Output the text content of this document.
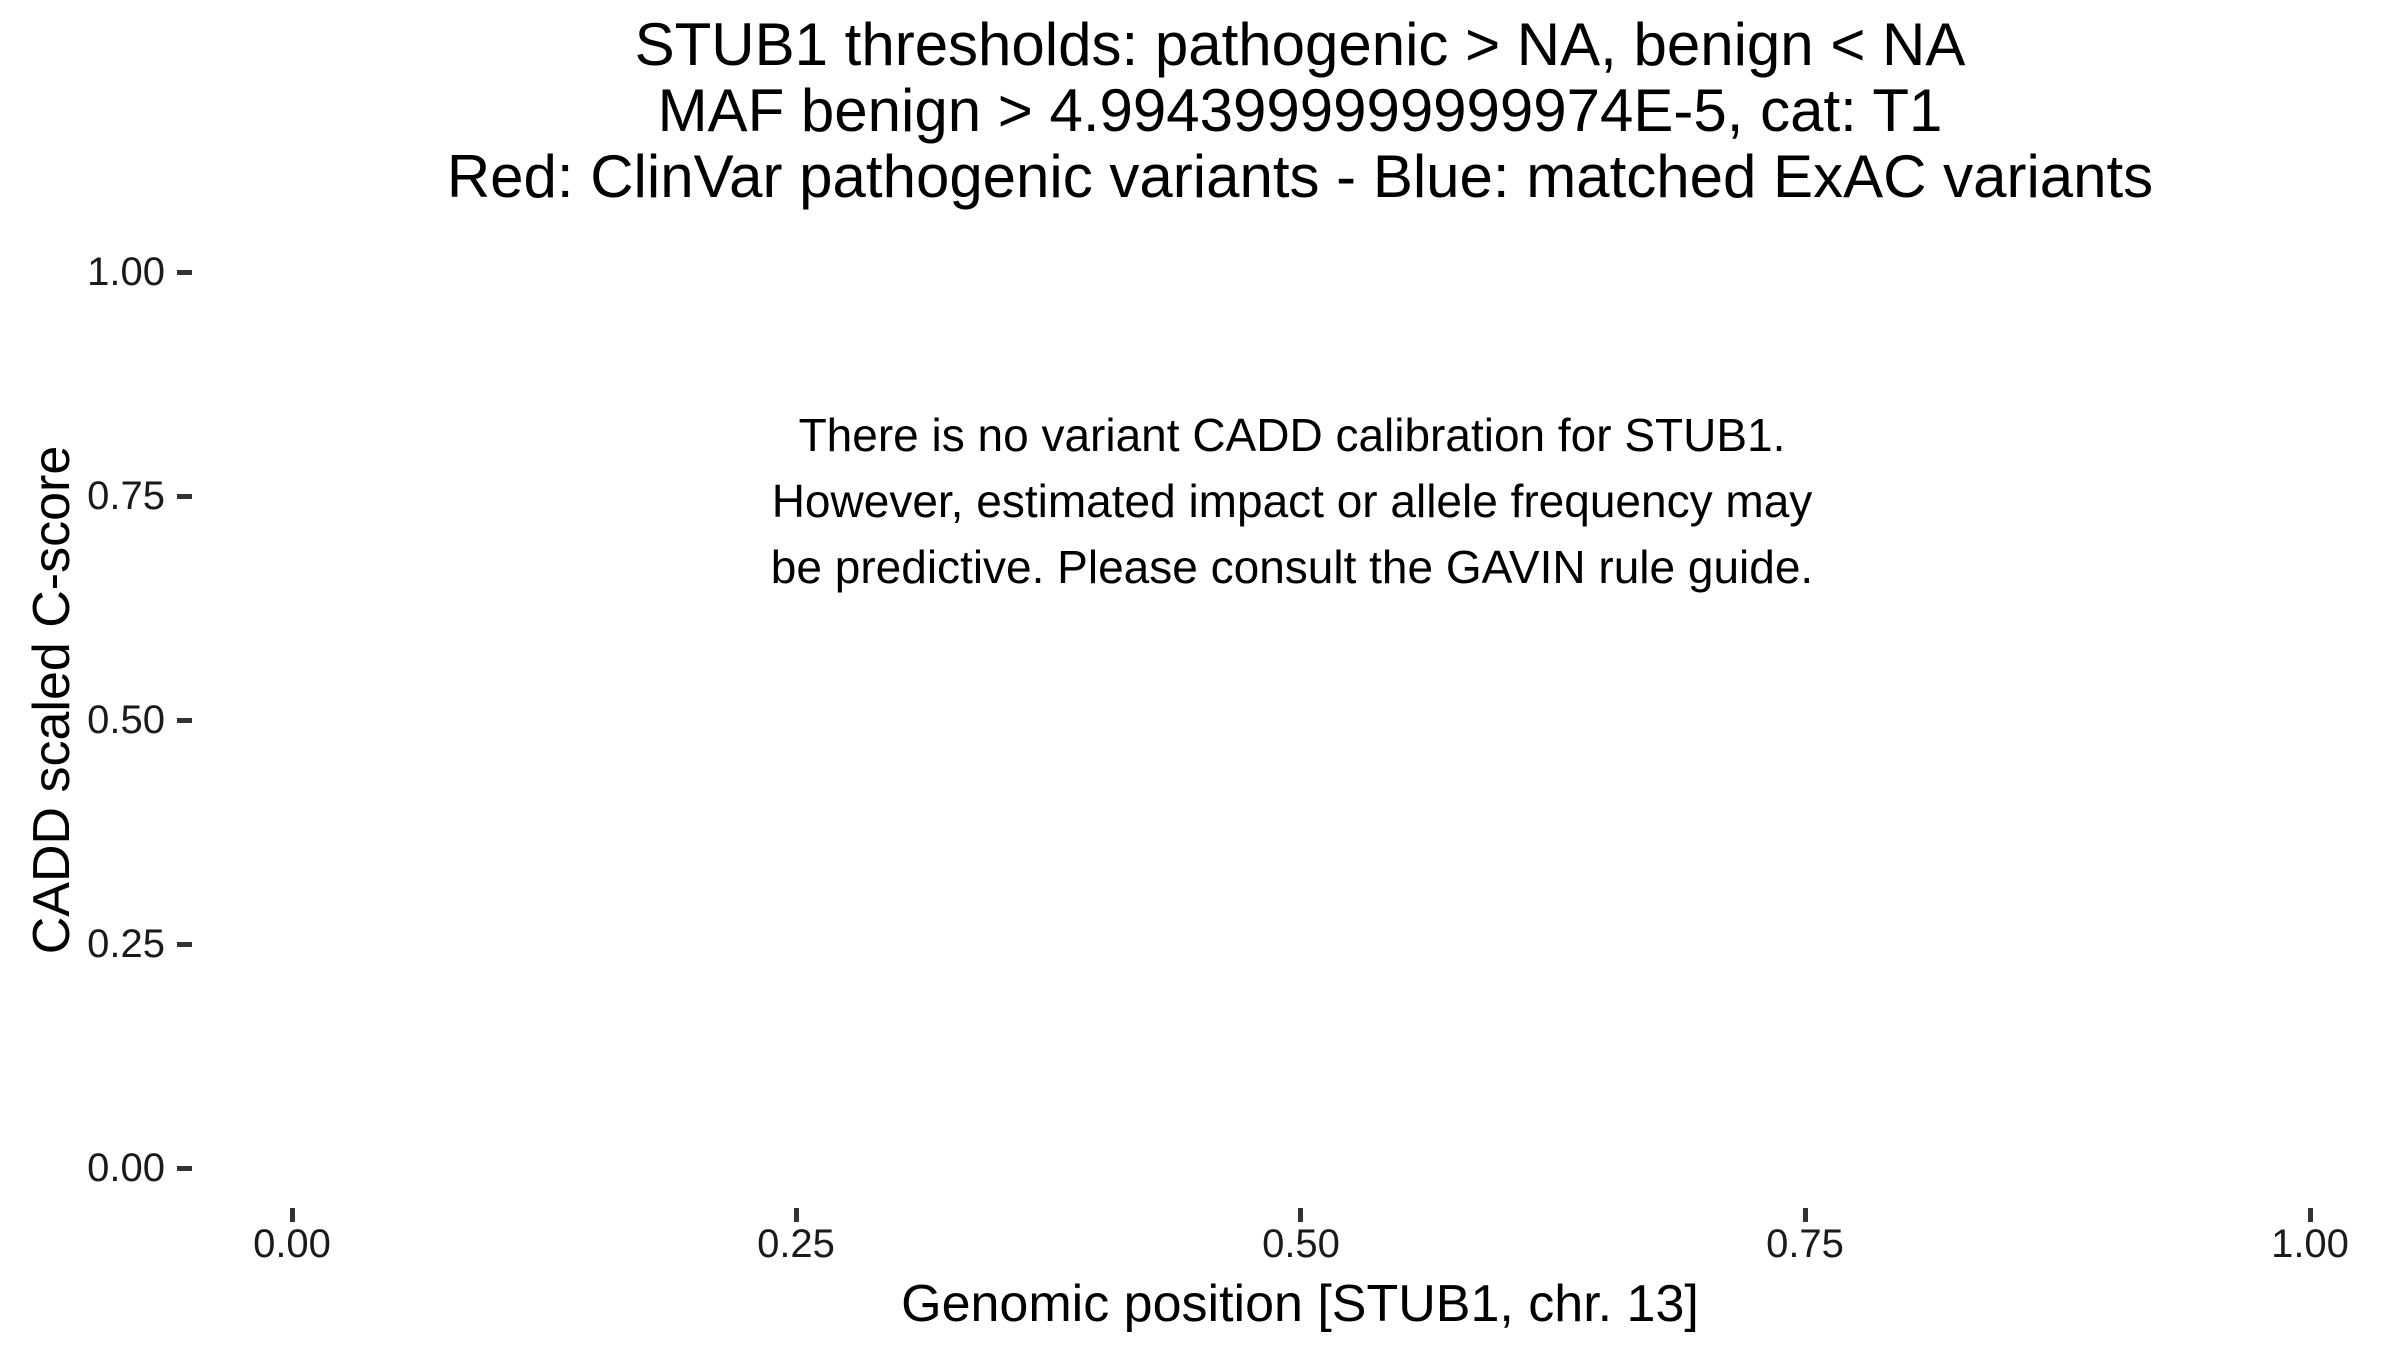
STUB1 thresholds: pathogenic > NA, benign < NA
MAF benign > 4.9943999999999974E-5, cat: T1
Red: ClinVar pathogenic variants - Blue: matched ExAC variants
There is no variant CADD calibration for STUB1.
However, estimated impact or allele frequency may
be predictive. Please consult the GAVIN rule guide.
CADD scaled C-score
1.00
0.75
0.50
0.25
0.00
0.00	0.25	0.50	0.75	1.00
Genomic position [STUB1, chr. 13]
